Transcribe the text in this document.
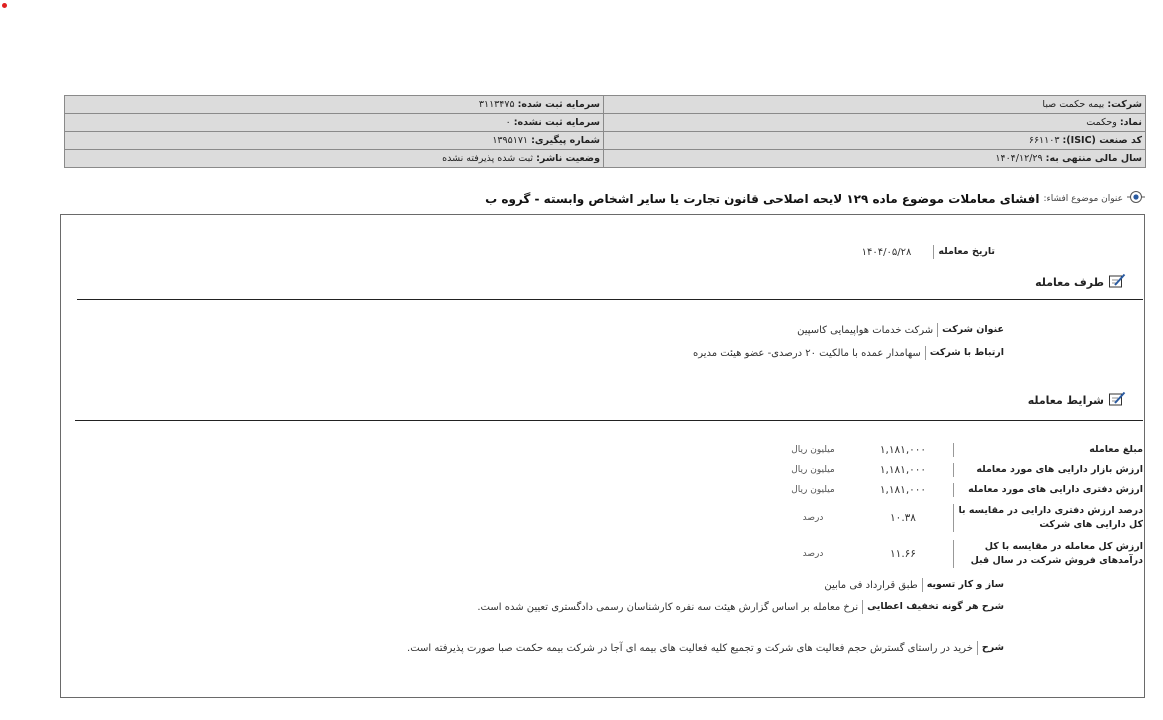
شرکت: بیمه حکمت صبا	سرمایه ثبت شده: ۳۱۱۳۴۷۵
نماد: وحکمت	سرمایه ثبت نشده: ۰
کد صنعت (ISIC): ۶۶۱۱۰۳	شماره پیگیری: ۱۳۹۵۱۷۱
سال مالی منتهی به: ۱۴۰۴/۱۲/۲۹	وضعیت ناشر: ثبت شده پذیرفته نشده
عنوان موضوع افشاء:
افشای معاملات موضوع ماده ۱۲۹ لایحه اصلاحی قانون تجارت یا سایر اشخاص وابسته - گروه ب
تاریخ معامله
۱۴۰۴/۰۵/۲۸
طرف معامله
عنوان شرکت
شرکت خدمات هواپیمایی کاسپین
ارتباط با شرکت
سهامدار عمده با مالکیت ۲۰ درصدی- عضو هیئت مدیره
شرایط معامله
مبلغ معامله
۱,۱۸۱,۰۰۰
میلیون ریال
ارزش بازار دارایی های مورد معامله
۱,۱۸۱,۰۰۰
میلیون ریال
ارزش دفتری دارایی های مورد معامله
۱,۱۸۱,۰۰۰
میلیون ریال
درصد ارزش دفتری دارایی در مقایسه با کل دارایی های شرکت
۱۰.۳۸
درصد
ارزش کل معامله در مقایسه با کل درآمدهای فروش شرکت در سال قبل
۱۱.۶۶
درصد
ساز و کار تسویه
طبق قرارداد فی مابین
شرح هر گونه تخفیف اعطایی
نرخ معامله بر اساس گزارش هیئت سه نفره کارشناسان رسمی دادگستری تعیین شده است.
شرح
خرید در راستای گسترش حجم فعالیت های شرکت و تجمیع کلیه فعالیت های بیمه ای آجا در شرکت بیمه حکمت صبا صورت پذیرفته است.
